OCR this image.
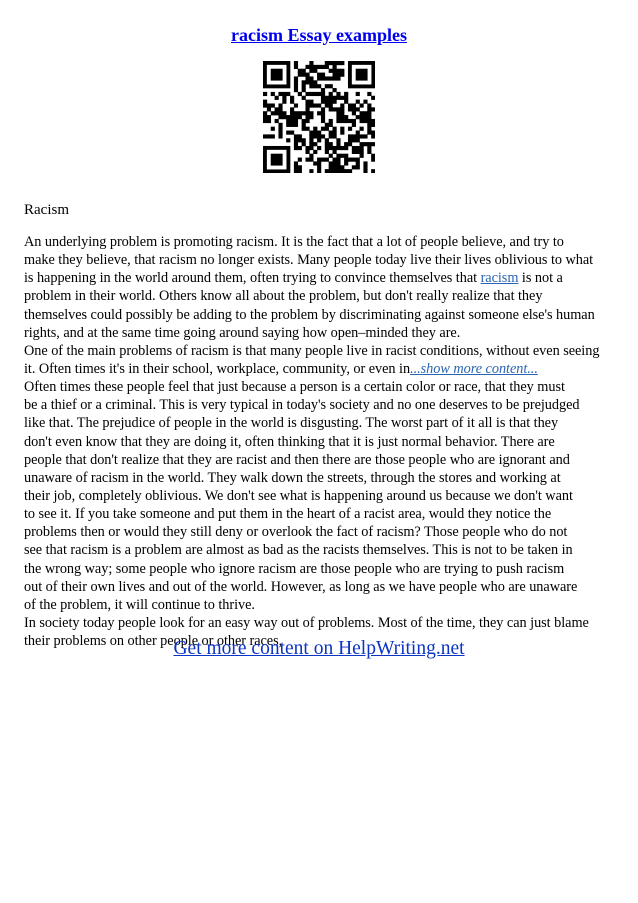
racism Essay examples
Racism
An underlying problem is promoting racism. It is the fact that a lot of people believe, and try to
make they believe, that racism no longer exists. Many people today live their lives oblivious to what
is happening in the world around them, often trying to convince themselves that racism is not a
problem in their world. Others know all about the problem, but don't really realize that they
themselves could possibly be adding to the problem by discriminating against someone else's human
rights, and at the same time going around saying how open–minded they are.
One of the main problems of racism is that many people live in racist conditions, without even seeing
it. Often times it's in their school, workplace, community, or even in...show more content...
Often times these people feel that just because a person is a certain color or race, that they must
be a thief or a criminal. This is very typical in today's society and no one deserves to be prejudged
like that. The prejudice of people in the world is disgusting. The worst part of it all is that they
don't even know that they are doing it, often thinking that it is just normal behavior. There are
people that don't realize that they are racist and then there are those people who are ignorant and
unaware of racism in the world. They walk down the streets, through the stores and working at
their job, completely oblivious. We don't see what is happening around us because we don't want
to see it. If you take someone and put them in the heart of a racist area, would they notice the
problems then or would they still deny or overlook the fact of racism? Those people who do not
see that racism is a problem are almost as bad as the racists themselves. This is not to be taken in
the wrong way; some people who ignore racism are those people who are trying to push racism
out of their own lives and out of the world. However, as long as we have people who are unaware
of the problem, it will continue to thrive.
In society today people look for an easy way out of problems. Most of the time, they can just blame
their problems on other people or other races,
Get more content on HelpWriting.net
